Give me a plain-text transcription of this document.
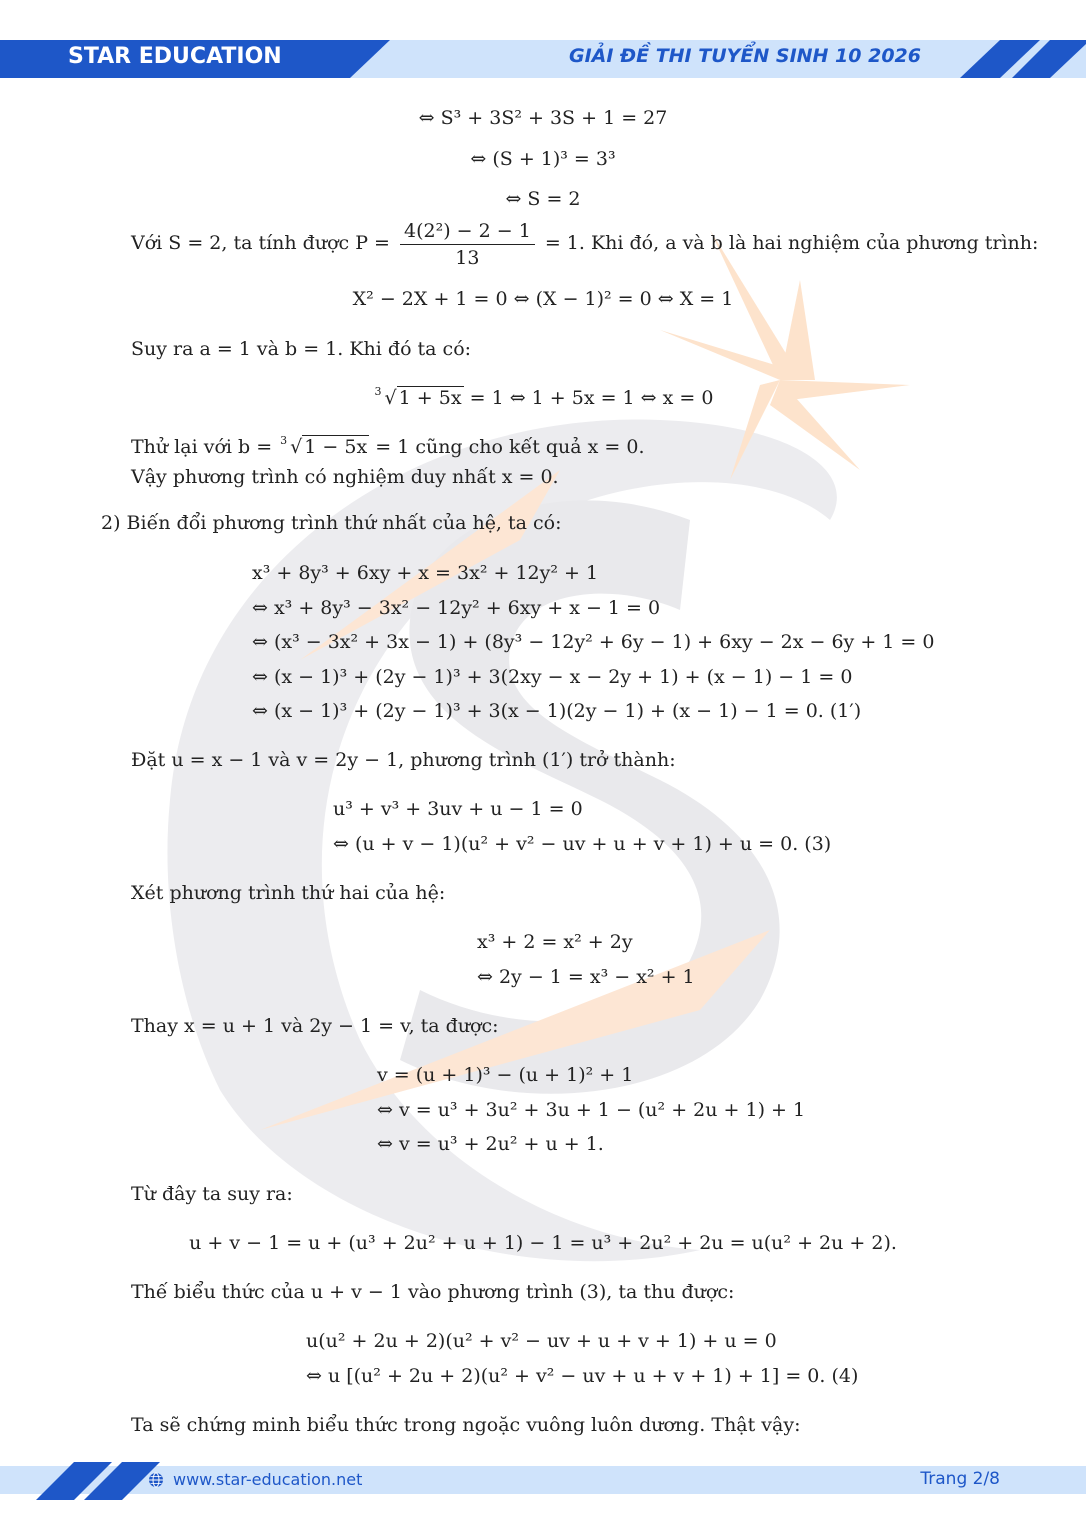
STAR EDUCATION	GIẢI ĐỀ THI TUYỂN SINH 10 2026
⇔ S³ + 3S² + 3S + 1 = 27
⇔ (S + 1)³ = 3³
⇔ S = 2
Với S = 2, ta tính được $P = \frac{\text{4(2²) − 2 − 1}}{13} = 1$. Khi đó, a và b là hai nghiệm của phương trình:
X² − 2X + 1 = 0 ⇔ (X − 1)² = 0 ⇔ X = 1
Suy ra a = 1 và b = 1. Khi đó ta có:
3 √ 1 + 5x = 1 ⇔ 1 + 5x = 1 ⇔ x = 0
Thử lại với b = 3 √ 1 − 5x = 1 cũng cho kết quả x = 0.
Vậy phương trình có nghiệm duy nhất x = 0.
2) Biến đổi phương trình thứ nhất của hệ, ta có:
x³ + 8y³ + 6xy + x = 3x² + 12y² + 1
⇔ x³ + 8y³ − 3x² − 12y² + 6xy + x − 1 = 0
⇔ (x³ − 3x² + 3x − 1) + (8y³ − 12y² + 6y − 1) + 6xy − 2x − 6y + 1 = 0
⇔ (x − 1)³ + (2y − 1)³ + 3(2xy − x − 2y + 1) + (x − 1) − 1 = 0
⇔ (x − 1)³ + (2y − 1)³ + 3(x − 1)(2y − 1) + (x − 1) − 1 = 0. (1′)
Đặt u = x − 1 và v = 2y − 1, phương trình (1′) trở thành:
u³ + v³ + 3uv + u − 1 = 0
⇔ (u + v − 1)(u² + v² − uv + u + v + 1) + u = 0. (3)
Xét phương trình thứ hai của hệ:
x³ + 2 = x² + 2y
⇔ 2y − 1 = x³ − x² + 1
Thay x = u + 1 và 2y − 1 = v, ta được:
v = (u + 1)³ − (u + 1)² + 1
⇔ v = u³ + 3u² + 3u + 1 − (u² + 2u + 1) + 1
⇔ v = u³ + 2u² + u + 1.
Từ đây ta suy ra:
u + v − 1 = u + (u³ + 2u² + u + 1) − 1 = u³ + 2u² + 2u = u(u² + 2u + 2).
Thế biểu thức của u + v − 1 vào phương trình (3), ta thu được:
u(u² + 2u + 2)(u² + v² − uv + u + v + 1) + u = 0
⇔ u [(u² + 2u + 2)(u² + v² − uv + u + v + 1) + 1] = 0. (4)
Ta sẽ chứng minh biểu thức trong ngoặc vuông luôn dương. Thật vậy:
www.star-education.net	Trang 2/8
